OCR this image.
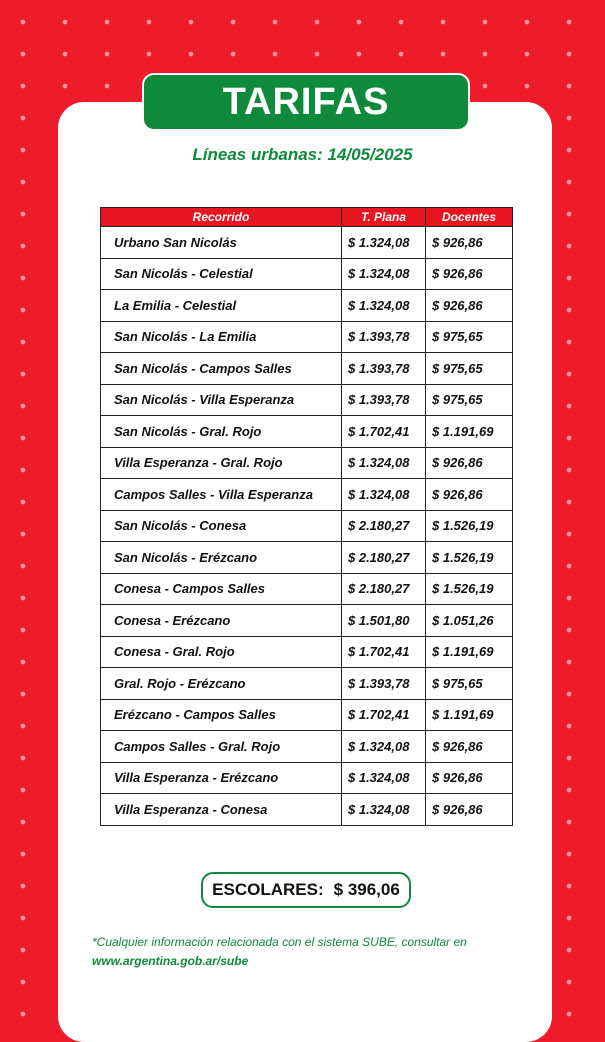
TARIFAS
Líneas urbanas: 14/05/2025
Recorrido	T. Plana	Docentes
Urbano San Nicolás	$ 1.324,08	$ 926,86
San Nicolás - Celestial	$ 1.324,08	$ 926,86
La Emilia - Celestial	$ 1.324,08	$ 926,86
San Nicolás - La Emilia	$ 1.393,78	$ 975,65
San Nicolás - Campos Salles	$ 1.393,78	$ 975,65
San Nicolás - Villa Esperanza	$ 1.393,78	$ 975,65
San Nicolás - Gral. Rojo	$ 1.702,41	$ 1.191,69
Villa Esperanza - Gral. Rojo	$ 1.324,08	$ 926,86
Campos Salles - Villa Esperanza	$ 1.324,08	$ 926,86
San Nicolás - Conesa	$ 2.180,27	$ 1.526,19
San Nicolás - Erézcano	$ 2.180,27	$ 1.526,19
Conesa - Campos Salles	$ 2.180,27	$ 1.526,19
Conesa - Erézcano	$ 1.501,80	$ 1.051,26
Conesa - Gral. Rojo	$ 1.702,41	$ 1.191,69
Gral. Rojo - Erézcano	$ 1.393,78	$ 975,65
Erézcano - Campos Salles	$ 1.702,41	$ 1.191,69
Campos Salles - Gral. Rojo	$ 1.324,08	$ 926,86
Villa Esperanza - Erézcano	$ 1.324,08	$ 926,86
Villa Esperanza - Conesa	$ 1.324,08	$ 926,86
ESCOLARES: $ 396,06
*Cualquier información relacionada con el sistema SUBE, consultar en
www.argentina.gob.ar/sube
